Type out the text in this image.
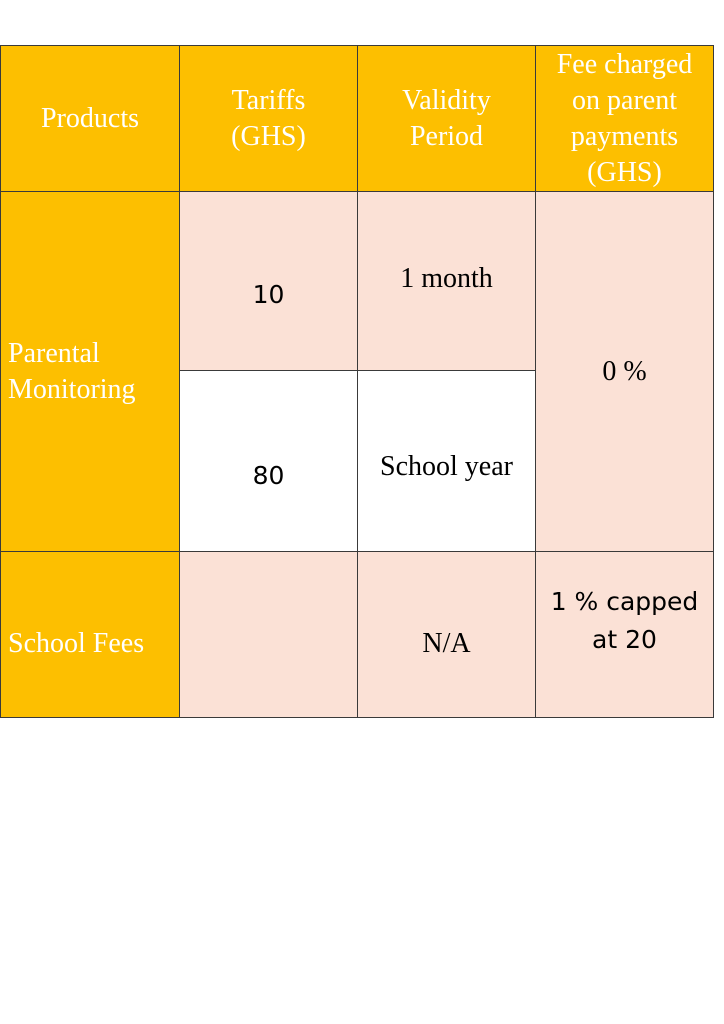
Products
Tariffs
(GHS)
Validity
Period
Fee charged
on parent
payments
(GHS)
Parental
Monitoring
10
1 month
80	School year
0 %
School Fees	N/A
1 % capped
at 20
